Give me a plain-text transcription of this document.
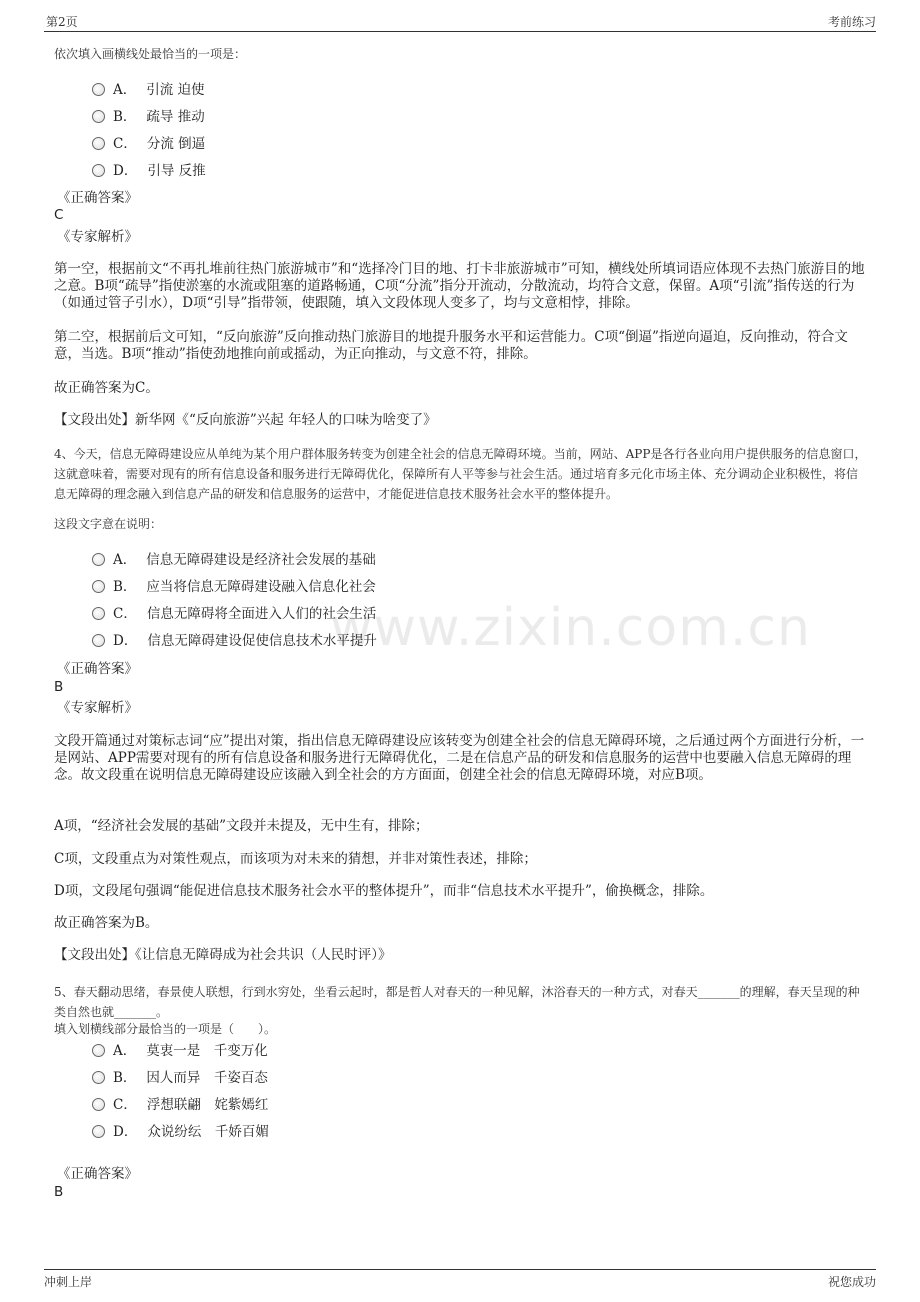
第2页	考前练习
www.zixin.com.cn

依次填入画横线处最恰当的一项是：

A． 引流 迫使
B． 疏导 推动
C． 分流 倒逼
D． 引导 反推

《正确答案》

C

《专家解析》

第一空，根据前文“不再扎堆前往热门旅游城市”和“选择冷门目的地、打卡非旅游城市”可知，横线处所填词语应体现不去热门旅游目的地之意。B项“疏导”指使淤塞的水流或阻塞的道路畅通，C项“分流”指分开流动，分散流动，均符合文意，保留。A项“引流”指传送的行为（如通过管子引水），D项“引导”指带领，使跟随，填入文段体现人变多了，均与文意相悖，排除。

第二空，根据前后文可知，“反向旅游”反向推动热门旅游目的地提升服务水平和运营能力。C项“倒逼”指逆向逼迫，反向推动，符合文意，当选。B项“推动”指使劲地推向前或摇动，为正向推动，与文意不符，排除。

故正确答案为C。

【文段出处】新华网《“反向旅游”兴起 年轻人的口味为啥变了》

4、今天，信息无障碍建设应从单纯为某个用户群体服务转变为创建全社会的信息无障碍环境。当前，网站、APP是各行各业向用户提供服务的信息窗口，这就意味着，需要对现有的所有信息设备和服务进行无障碍优化，保障所有人平等参与社会生活。通过培育多元化市场主体、充分调动企业积极性，将信息无障碍的理念融入到信息产品的研发和信息服务的运营中，才能促进信息技术服务社会水平的整体提升。

这段文字意在说明：

A． 信息无障碍建设是经济社会发展的基础
B． 应当将信息无障碍建设融入信息化社会
C． 信息无障碍将全面进入人们的社会生活
D． 信息无障碍建设促使信息技术水平提升

《正确答案》

B

《专家解析》

文段开篇通过对策标志词“应”提出对策，指出信息无障碍建设应该转变为创建全社会的信息无障碍环境，之后通过两个方面进行分析，一是网站、APP需要对现有的所有信息设备和服务进行无障碍优化，二是在信息产品的研发和信息服务的运营中也要融入信息无障碍的理念。故文段重在说明信息无障碍建设应该融入到全社会的方方面面，创建全社会的信息无障碍环境，对应B项。

A项，“经济社会发展的基础”文段并未提及，无中生有，排除；

C项，文段重点为对策性观点，而该项为对未来的猜想，并非对策性表述，排除；

D项，文段尾句强调“能促进信息技术服务社会水平的整体提升”，而非“信息技术水平提升”，偷换概念，排除。

故正确答案为B。

【文段出处】《让信息无障碍成为社会共识（人民时评）》

5、春天翻动思绪，春景使人联想，行到水穷处，坐看云起时，都是哲人对春天的一种见解，沐浴春天的一种方式，对春天_______的理解，春天呈现的种类自然也就_______。

填入划横线部分最恰当的一项是（　　）。

A． 莫衷一是　千变万化
B． 因人而异　千姿百态
C． 浮想联翩　姹紫嫣红
D． 众说纷纭　千娇百媚

《正确答案》

B

冲刺上岸	祝您成功
